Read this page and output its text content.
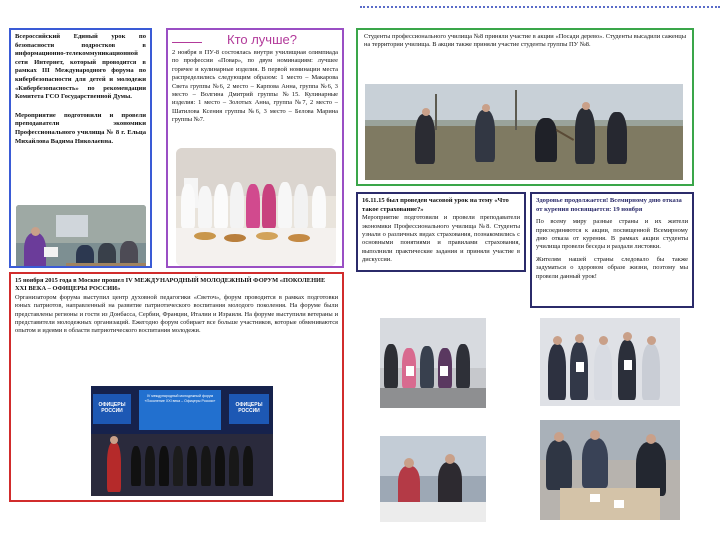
Всероссийский Единый урок по безопасности подростков в информационно-телекоммуникационной сети Интернет, который проводится в рамках III Международного форума по кибербезопасности для детей и молодежи «Кибербезопасность» по рекомендации Комитета ГСО Государственной Думы.

Мероприятие подготовили и провели преподаватели экономики Профессионального училища № 8 г. Ельца Михайлова Вадима Николаевна.

Кто лучше?

2 ноября в ПУ-8 состоялась внутри училищная олимпиада по профессии «Повар», по двум номинациям: лучшее горячее и кулинарные изделия. В первой номинации места распределились следующим образом: 1 место – Макарова Света группы №6, 2 место – Карпова Анна, группа №6, 3 место – Волгина Дмитрий группы №15. Кулинарные изделия: 1 место – Золотых Анна, группа №7, 2 место – Шатилова Ксения группы №6, 3 место – Белова Марина группы №7.

Студенты профессионального училища №8 приняли участие в акции «Посади дерево». Студенты высадили саженцы на территории училища. В акции также приняли участие студенты группы ПУ №8.

15 ноября 2015 года в Москве прошел IV МЕЖДУНАРОДНЫЙ МОЛОДЕЖНЫЙ ФОРУМ «ПОКОЛЕНИЕ XXI ВЕКА – ОФИЦЕРЫ РОССИИ»

Организатором форума выступил центр духовной педагогики «Светоч», форум проводится в рамках подготовки юных патриотов, направленный на развитие патриотического воспитания молодого поколения. На форуме были представлены регионы и гости из Донбасса, Сербии, Франции, Италии и Израиля. На форуме выступили ветераны и представители молодежных организаций. Ежегодно форум собирает все больше участников, которые обмениваются опытом и идеями в области патриотического воспитания молодежи.

ОФИЦЕРЫ РОССИИ
IV международный молодежный форум «Поколение XXI века – Офицеры России»
ОФИЦЕРЫ РОССИИ

16.11.15 был проведен часовой урок на тему «Что такое страхование?»

Мероприятие подготовили и провели преподаватели экономики Профессионального училища №8. Студенты узнали о различных видах страхования, познакомились с основными понятиями и правилами страхования, выполнили практические задания и приняли участие в дискуссии.

Здоровье продолжается! Всемирному дню отказа от курения посвящается: 19 ноября

По всему миру разные страны и их жители присоединяются к акции, посвященной Всемирному дню отказа от курения. В рамках акции студенты училища провели беседы и раздали листовки.

Жителям нашей страны следовало бы также задуматься о здоровом образе жизни, поэтому мы провели данный урок!
